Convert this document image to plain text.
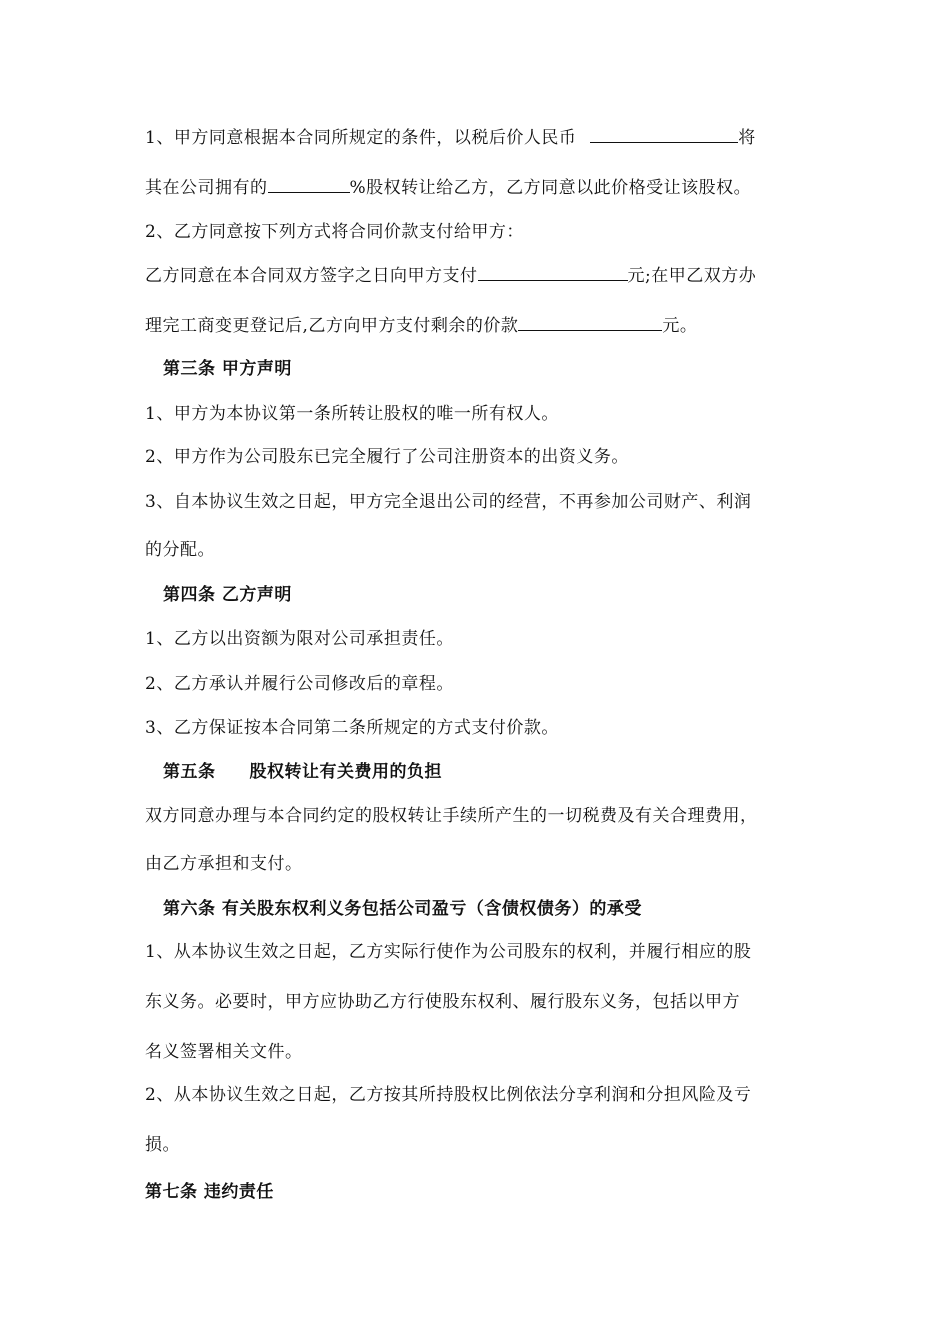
1、甲方同意根据本合同所规定的条件，以税后价人民币	将
其在公司拥有的	%股权转让给乙方，乙方同意以此价格受让该股权。
2、乙方同意按下列方式将合同价款支付给甲方：
乙方同意在本合同双方签字之日向甲方支付	元;在甲乙双方办
理完工商变更登记后,乙方向甲方支付剩余的价款	元。
第三条 甲方声明
1、甲方为本协议第一条所转让股权的唯一所有权人。
2、甲方作为公司股东已完全履行了公司注册资本的出资义务。
3、自本协议生效之日起，甲方完全退出公司的经营，不再参加公司财产、利润
的分配。
第四条 乙方声明
1、乙方以出资额为限对公司承担责任。
2、乙方承认并履行公司修改后的章程。
3、乙方保证按本合同第二条所规定的方式支付价款。
第五条 股权转让有关费用的负担
双方同意办理与本合同约定的股权转让手续所产生的一切税费及有关合理费用，
由乙方承担和支付。
第六条 有关股东权利义务包括公司盈亏（含债权债务）的承受
1、从本协议生效之日起，乙方实际行使作为公司股东的权利，并履行相应的股
东义务。必要时，甲方应协助乙方行使股东权利、履行股东义务，包括以甲方
名义签署相关文件。
2、从本协议生效之日起，乙方按其所持股权比例依法分享利润和分担风险及亏
损。
第七条 违约责任
